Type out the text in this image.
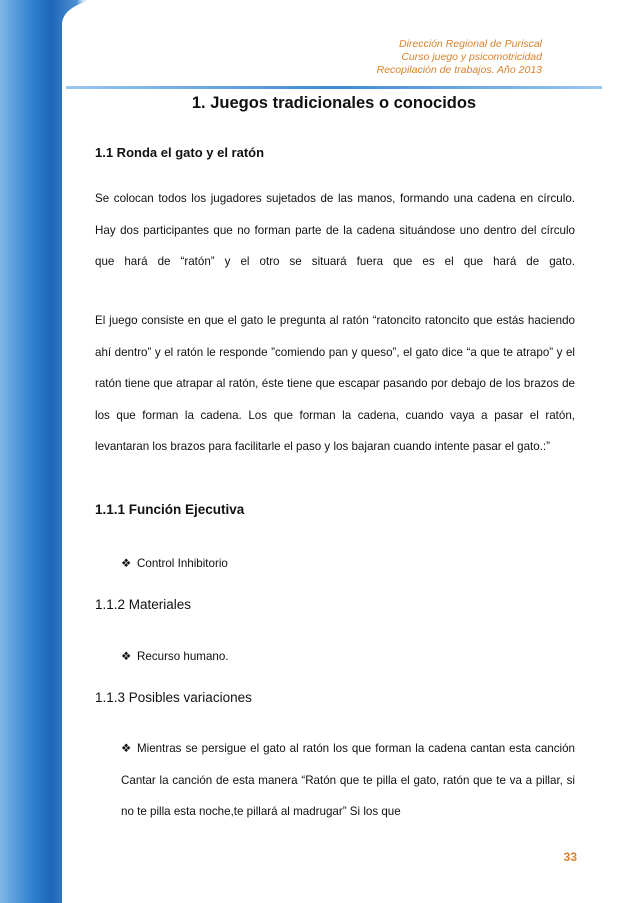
Dirección Regional de Puriscal
Curso juego y psicomotricidad
Recopilación de trabajos. Año 2013
1. Juegos tradicionales o conocidos
1.1 Ronda el gato y el ratón

Se colocan todos los jugadores sujetados de las manos, formando una cadena en círculo. Hay dos participantes que no forman parte de la cadena situándose uno dentro del círculo que hará de “ratón” y el otro se situará fuera que es el que hará de gato.

El juego consiste en que el gato le pregunta al ratón “ratoncito ratoncito que estás haciendo ahí dentro” y el ratón le responde ”comiendo pan y queso”, el gato dice “a que te atrapo” y el ratón tiene que atrapar al ratón, éste tiene que escapar pasando por debajo de los brazos de los que forman la cadena. Los que forman la cadena, cuando vaya a pasar el ratón, levantaran los brazos para facilitarle el paso y los bajaran cuando intente pasar el gato.:”

1.1.1 Función Ejecutiva
❖ Control Inhibitorio
1.1.2 Materiales
❖ Recurso humano.
1.1.3 Posibles variaciones
❖ Mientras se persigue el gato al ratón los que forman la cadena cantan esta canción Cantar la canción de esta manera “Ratón que te pilla el gato, ratón que te va a pillar, si no te pilla esta noche,te pillará al madrugar” Si los que
33
